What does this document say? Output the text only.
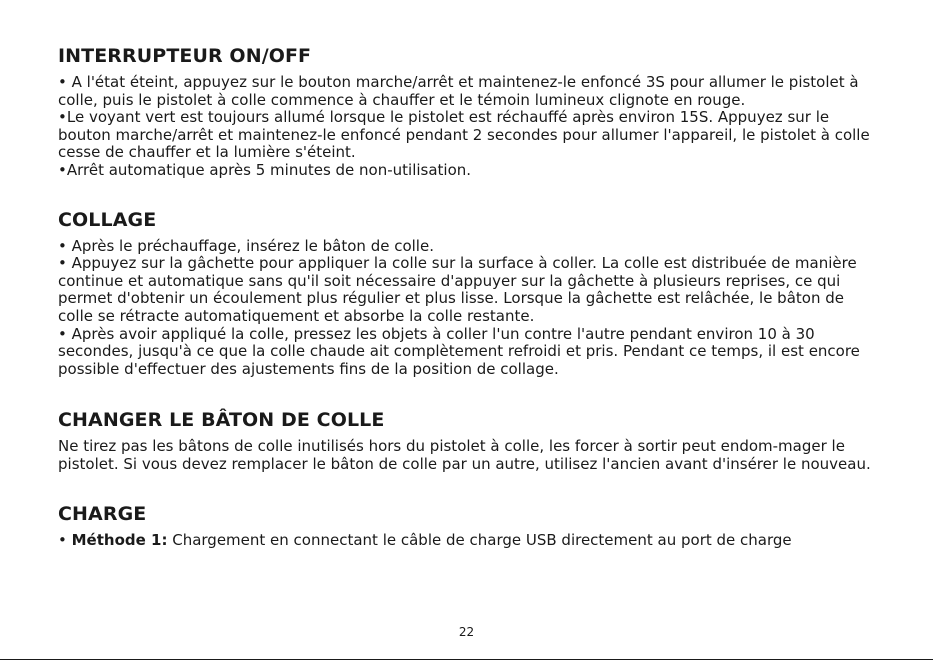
INTERRUPTEUR ON/OFF

• A l'état éteint, appuyez sur le bouton marche/arrêt et maintenez-le enfoncé 3S pour allumer le pistolet à colle, puis le pistolet à colle commence à chauffer et le témoin lumineux clignote en rouge.

•Le voyant vert est toujours allumé lorsque le pistolet est réchauffé après environ 15S. Appuyez sur le bouton marche/arrêt et maintenez-le enfoncé pendant 2 secondes pour allumer l'appareil, le pistolet à colle cesse de chauffer et la lumière s'éteint.

•Arrêt automatique après 5 minutes de non-utilisation.

COLLAGE

• Après le préchauffage, insérez le bâton de colle.

• Appuyez sur la gâchette pour appliquer la colle sur la surface à coller. La colle est distribuée de manière continue et automatique sans qu'il soit nécessaire d'appuyer sur la gâchette à plusieurs reprises, ce qui permet d'obtenir un écoulement plus régulier et plus lisse. Lorsque la gâchette est relâchée, le bâton de colle se rétracte automatiquement et absorbe la colle restante.

• Après avoir appliqué la colle, pressez les objets à coller l'un contre l'autre pendant environ 10 à 30 secondes, jusqu'à ce que la colle chaude ait complètement refroidi et pris. Pendant ce temps, il est encore possible d'effectuer des ajustements fins de la position de collage.

CHANGER LE BÂTON DE COLLE

Ne tirez pas les bâtons de colle inutilisés hors du pistolet à colle, les forcer à sortir peut endom-mager le pistolet. Si vous devez remplacer le bâton de colle par un autre, utilisez l'ancien avant d'insérer le nouveau.

CHARGE

• Méthode 1: Chargement en connectant le câble de charge USB directement au port de charge

22
